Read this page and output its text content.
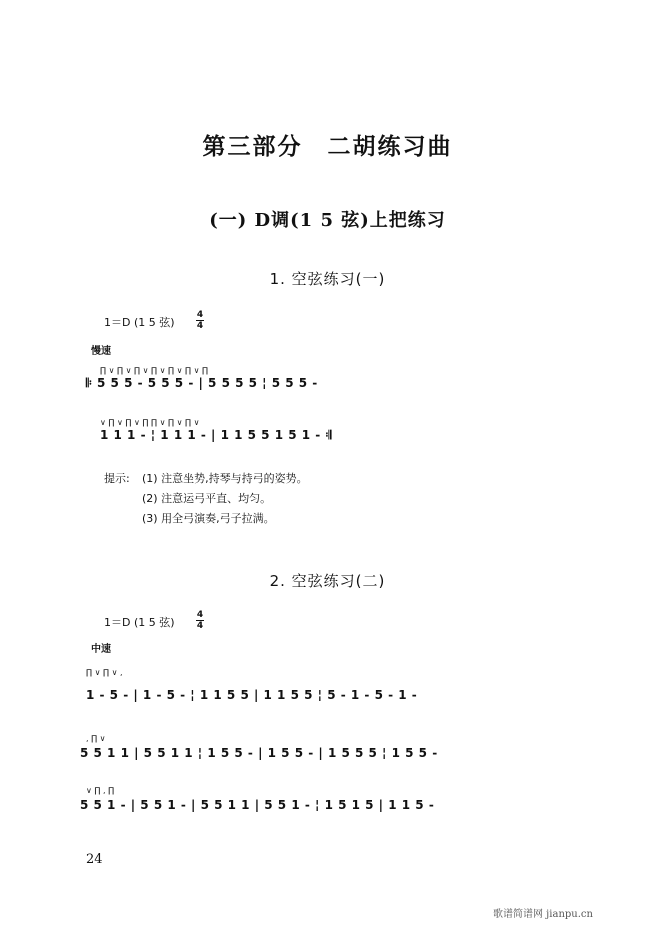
第三部分　二胡练习曲
(一) D调(1 5 弦)上把练习
1. 空弦练习(一)
1＝D (1 5 弦)
4
4
慢速
∏ ∨ ∏ ∨ ∏ ∨ ∏ ∨ ∏ ∨ ∏ ∨ ∏
𝄆 5 5 5 - 5 5 5 - | 5 5 5 5 ¦ 5 5 5 -
∨ ∏ ∨ ∏ ∨ ∏ ∏ ∨ ∏ ∨ ∏ ∨
1 1 1 - ¦ 1 1 1 - | 1 1 5 5 1 5 1 - 𝄇
提示: (1) 注意坐势,持琴与持弓的姿势。
(2) 注意运弓平直、均匀。
(3) 用全弓演奏,弓子拉满。
2. 空弦练习(二)
1＝D (1 5 弦)
4
4
中速
∏ ∨ ∏ ∨ ,
1 - 5 - | 1 - 5 - ¦ 1 1 5 5 | 1 1 5 5 ¦ 5 - 1 - 5 - 1 -
, ∏ ∨
5 5 1 1 | 5 5 1 1 ¦ 1 5 5 - | 1 5 5 - | 1 5 5 5 ¦ 1 5 5 -
∨ ∏ , ∏
5 5 1 - | 5 5 1 - | 5 5 1 1 | 5 5 1 - ¦ 1 5 1 5 | 1 1 5 -
24
歌谱简谱网 jianpu.cn
